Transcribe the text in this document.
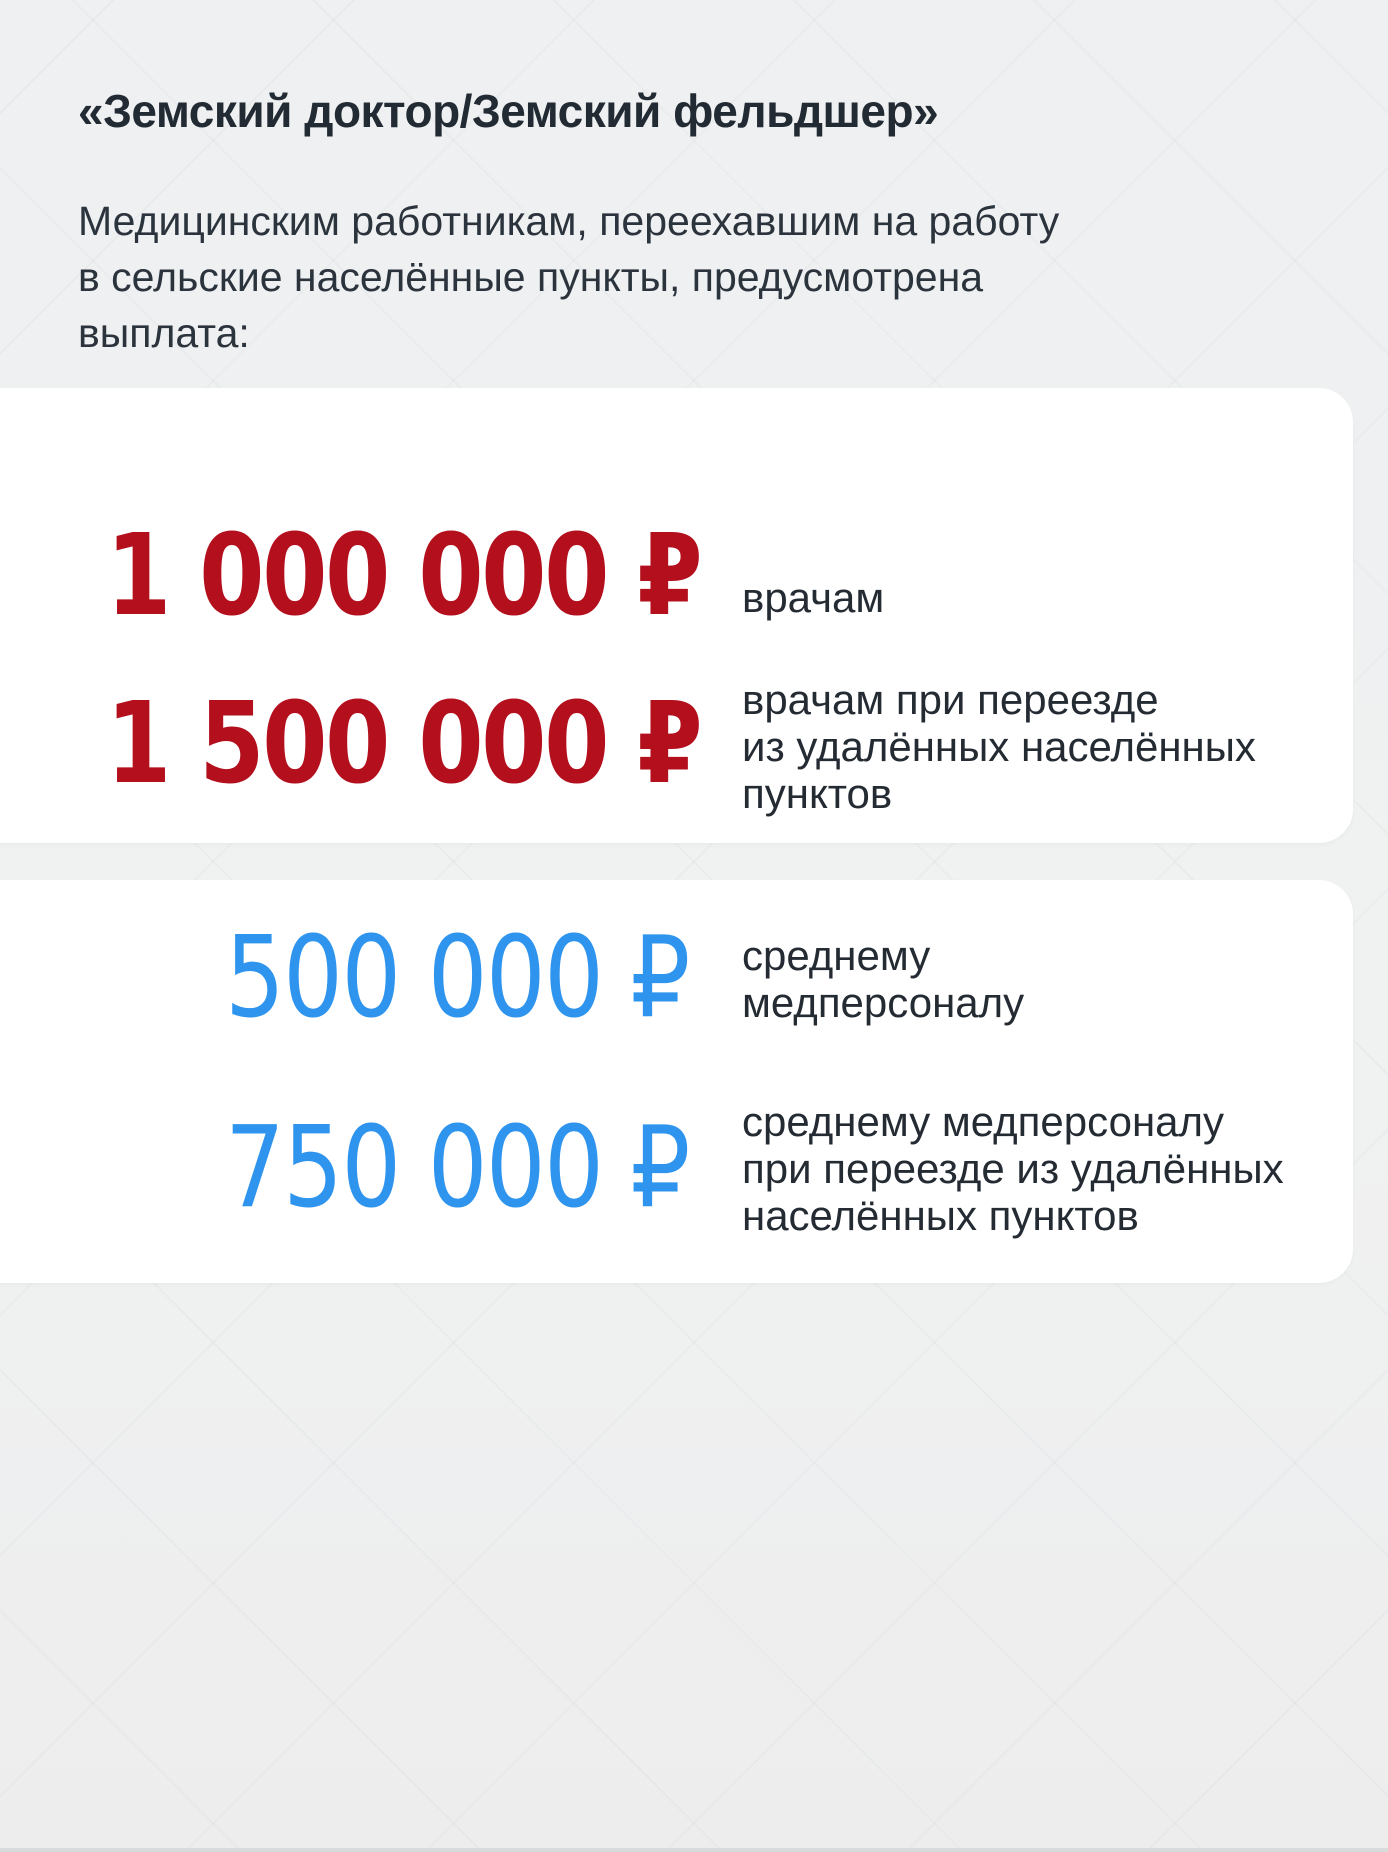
«Земский доктор/Земский фельдшер»
Медицинским работникам, переехавшим на работу
в сельские населённые пункты, предусмотрена
выплата:
1 000 000 ₽ врачам
1 500 000 ₽ врачам при переезде
из удалённых населённых
пунктов
500 000 ₽ среднему
медперсоналу
750 000 ₽ среднему медперсоналу
при переезде из удалённых
населённых пунктов
